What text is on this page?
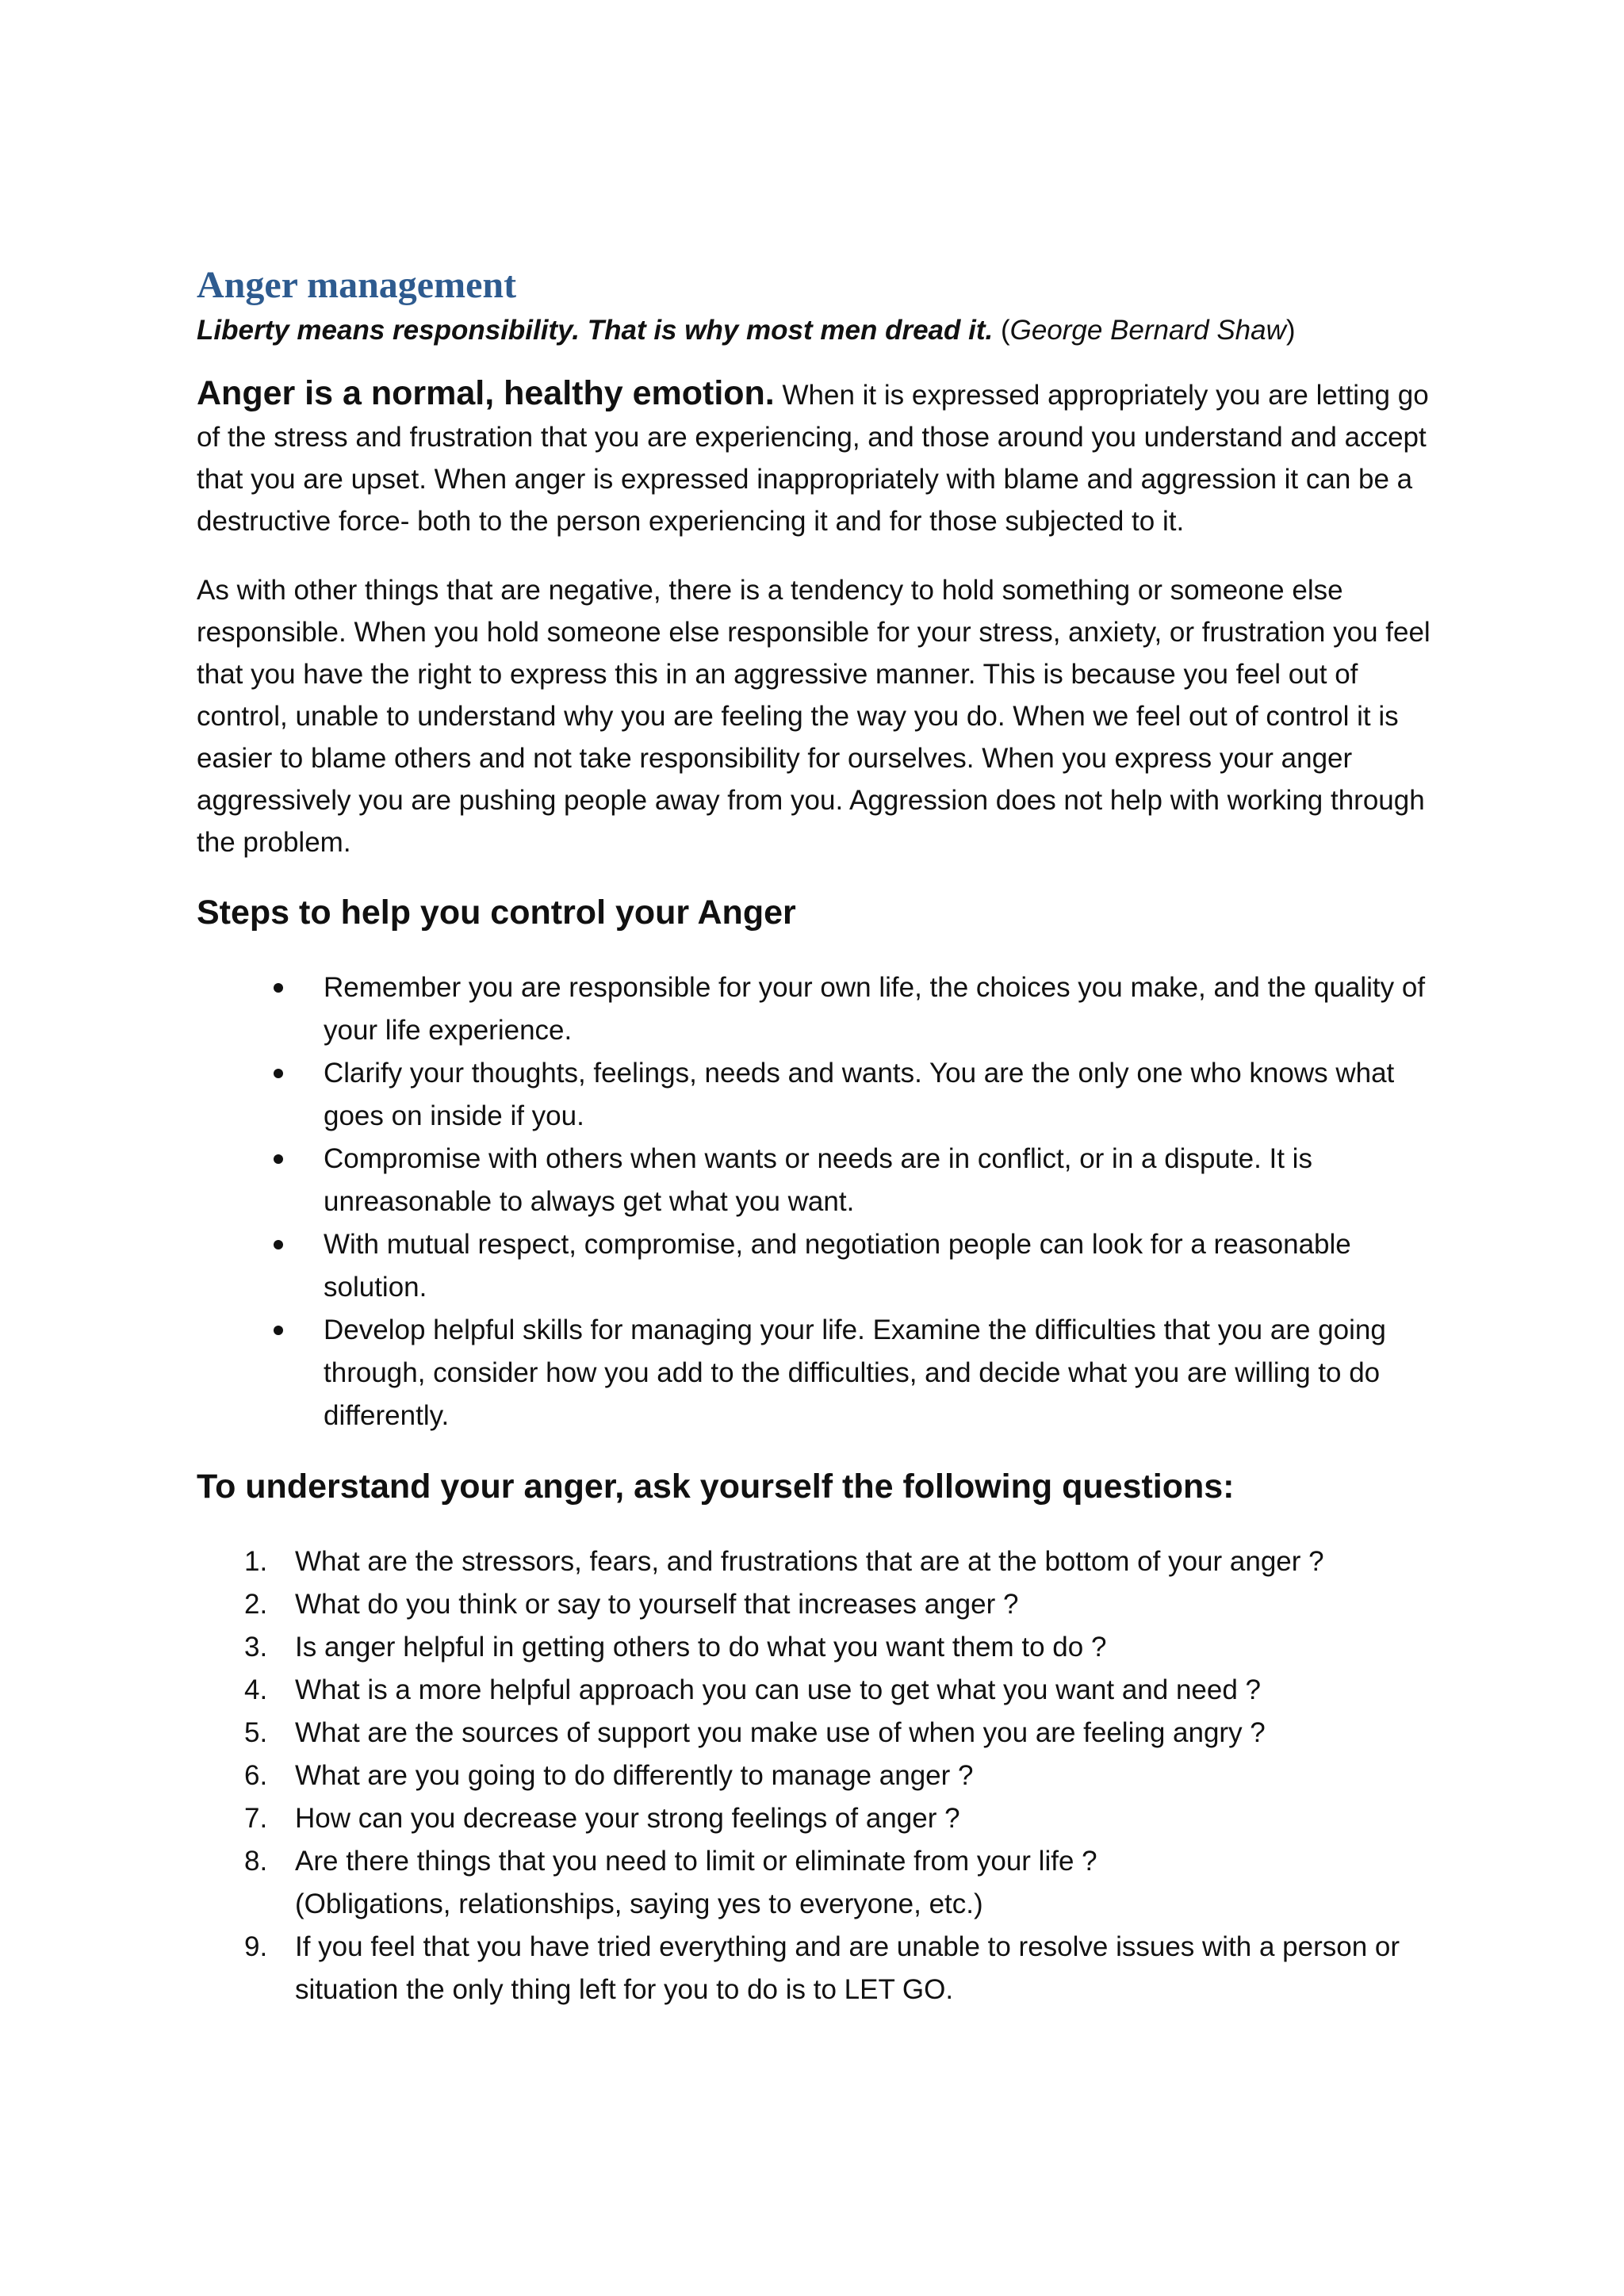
Anger management

Liberty means responsibility. That is why most men dread it. (George Bernard Shaw)

Anger is a normal, healthy emotion. When it is expressed appropriately you are letting go of the stress and frustration that you are experiencing, and those around you understand and accept that you are upset. When anger is expressed inappropriately with blame and aggression it can be a destructive force- both to the person experiencing it and for those subjected to it.

As with other things that are negative, there is a tendency to hold something or someone else responsible. When you hold someone else responsible for your stress, anxiety, or frustration you feel that you have the right to express this in an aggressive manner. This is because you feel out of control, unable to understand why you are feeling the way you do. When we feel out of control it is easier to blame others and not take responsibility for ourselves. When you express your anger aggressively you are pushing people away from you. Aggression does not help with working through the problem.

Steps to help you control your Anger
Remember you are responsible for your own life, the choices you make, and the quality of your life experience.
Clarify your thoughts, feelings, needs and wants. You are the only one who knows what goes on inside if you.
Compromise with others when wants or needs are in conflict, or in a dispute. It is unreasonable to always get what you want.
With mutual respect, compromise, and negotiation people can look for a reasonable solution.
Develop helpful skills for managing your life. Examine the difficulties that you are going through, consider how you add to the difficulties, and decide what you are willing to do differently.
To understand your anger, ask yourself the following questions:
1. What are the stressors, fears, and frustrations that are at the bottom of your anger ?
2. What do you think or say to yourself that increases anger ?
3. Is anger helpful in getting others to do what you want them to do ?
4. What is a more helpful approach you can use to get what you want and need ?
5. What are the sources of support you make use of when you are feeling angry ?
6. What are you going to do differently to manage anger ?
7. How can you decrease your strong feelings of anger ?
8. Are there things that you need to limit or eliminate from your life ?
(Obligations, relationships, saying yes to everyone, etc.)
9. If you feel that you have tried everything and are unable to resolve issues with a person or situation the only thing left for you to do is to LET GO.
